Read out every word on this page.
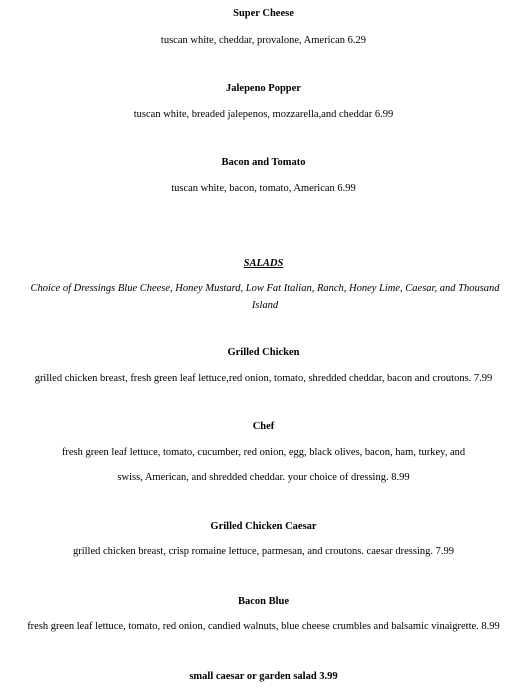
Super Cheese
tuscan white, cheddar, provalone, American 6.29
Jalepeno Popper
tuscan white, breaded jalepenos, mozzarella,and cheddar 6.99
Bacon and Tomato
tuscan white, bacon, tomato, American 6.99
SALADS
Choice of Dressings Blue Cheese, Honey Mustard, Low Fat Italian, Ranch, Honey Lime, Caesar, and Thousand Island
Grilled Chicken
grilled chicken breast, fresh green leaf lettuce,red onion, tomato, shredded cheddar, bacon and croutons. 7.99
Chef
fresh green leaf lettuce, tomato, cucumber, red onion, egg, black olives, bacon, ham, turkey, and
swiss, American, and shredded cheddar. your choice of dressing. 8.99
Grilled Chicken Caesar
grilled chicken breast, crisp romaine lettuce, parmesan, and croutons. caesar dressing. 7.99
Bacon Blue
fresh green leaf lettuce, tomato, red onion, candied walnuts, blue cheese crumbles and balsamic vinaigrette. 8.99
small caesar or garden salad 3.99
